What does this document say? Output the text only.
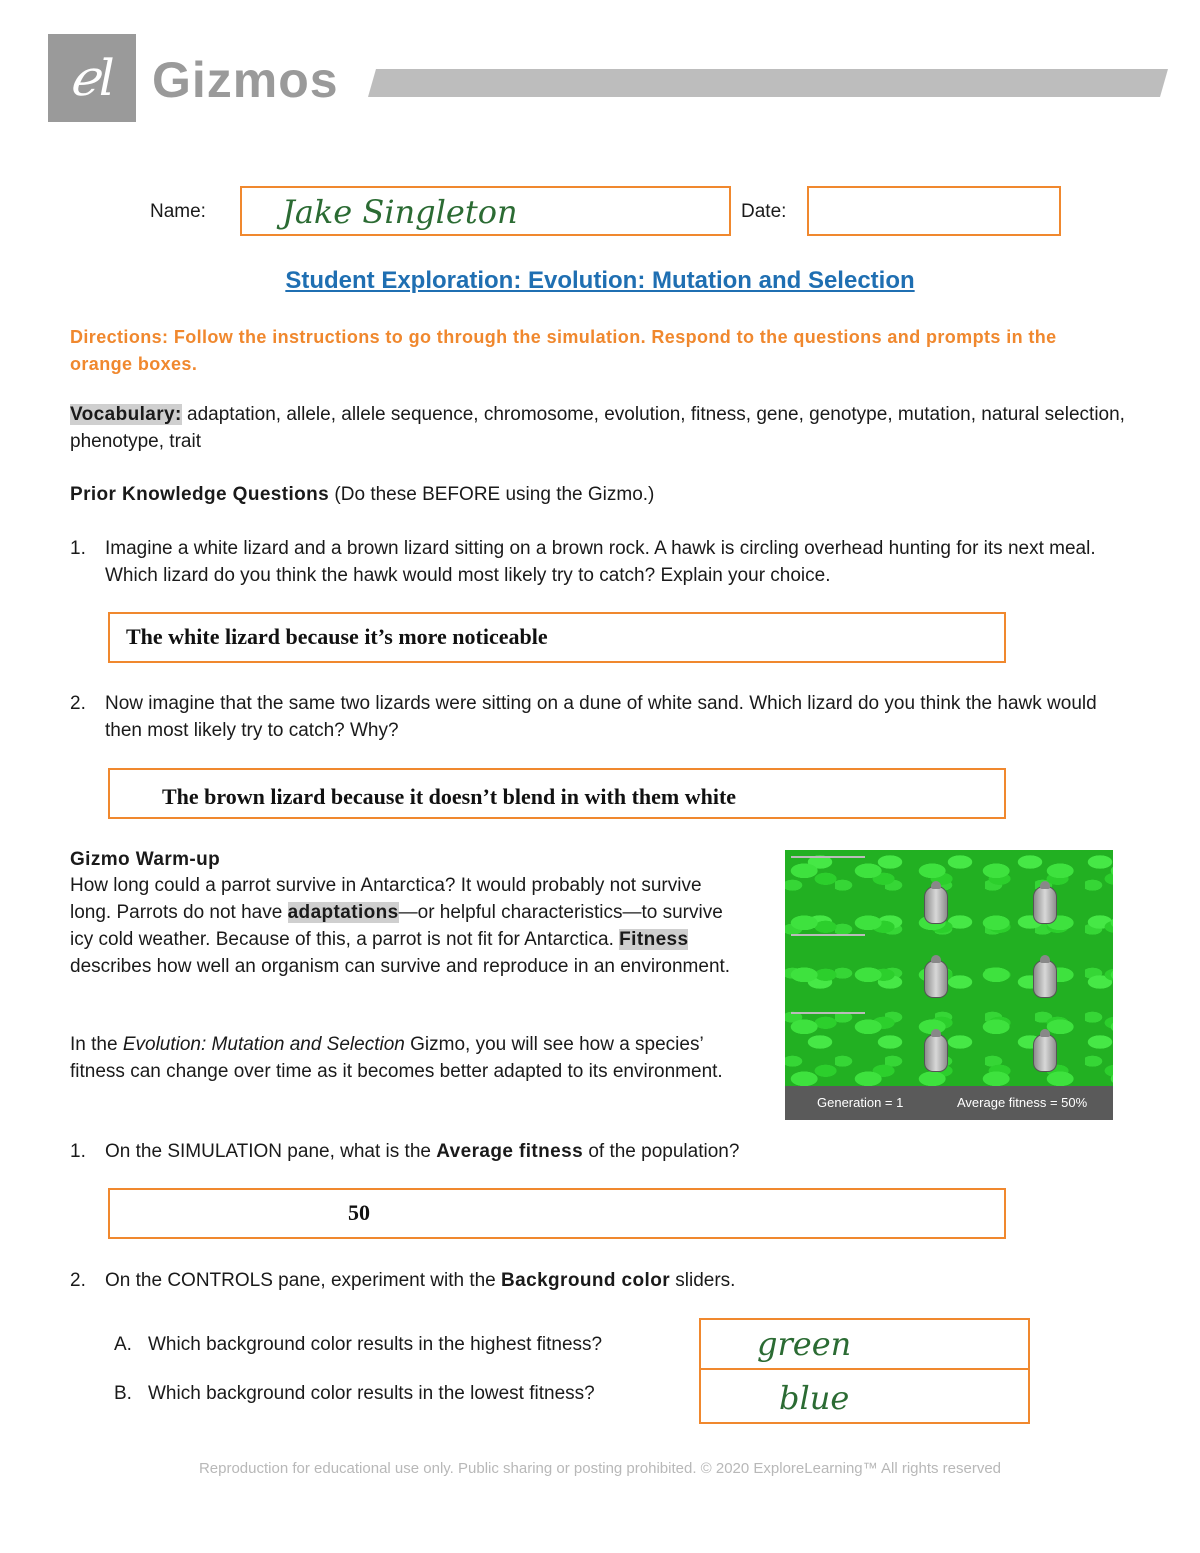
ℯl Gizmos
Name: Jake Singleton	Date:
Student Exploration: Evolution: Mutation and Selection
Directions: Follow the instructions to go through the simulation. Respond to the questions and prompts in the orange boxes.
Vocabulary: adaptation, allele, allele sequence, chromosome, evolution, fitness, gene, genotype, mutation, natural selection, phenotype, trait
Prior Knowledge Questions (Do these BEFORE using the Gizmo.)
1. Imagine a white lizard and a brown lizard sitting on a brown rock. A hawk is circling overhead hunting for its next meal. Which lizard do you think the hawk would most likely try to catch? Explain your choice.
The white lizard because it’s more noticeable
2. Now imagine that the same two lizards were sitting on a dune of white sand. Which lizard do you think the hawk would then most likely try to catch? Why?
The brown lizard because it doesn’t blend in with them white
Gizmo Warm-up
How long could a parrot survive in Antarctica? It would probably not survive long. Parrots do not have adaptations—or helpful characteristics—to survive icy cold weather. Because of this, a parrot is not fit for Antarctica. Fitness describes how well an organism can survive and reproduce in an environment.
In the Evolution: Mutation and Selection Gizmo, you will see how a species’ fitness can change over time as it becomes better adapted to its environment.
Generation = 1	Average fitness = 50%
1. On the SIMULATION pane, what is the Average fitness of the population?
50
2. On the CONTROLS pane, experiment with the Background color sliders.
A. Which background color results in the highest fitness?
B. Which background color results in the lowest fitness?
green
blue
Reproduction for educational use only. Public sharing or posting prohibited. © 2020 ExploreLearning™ All rights reserved
